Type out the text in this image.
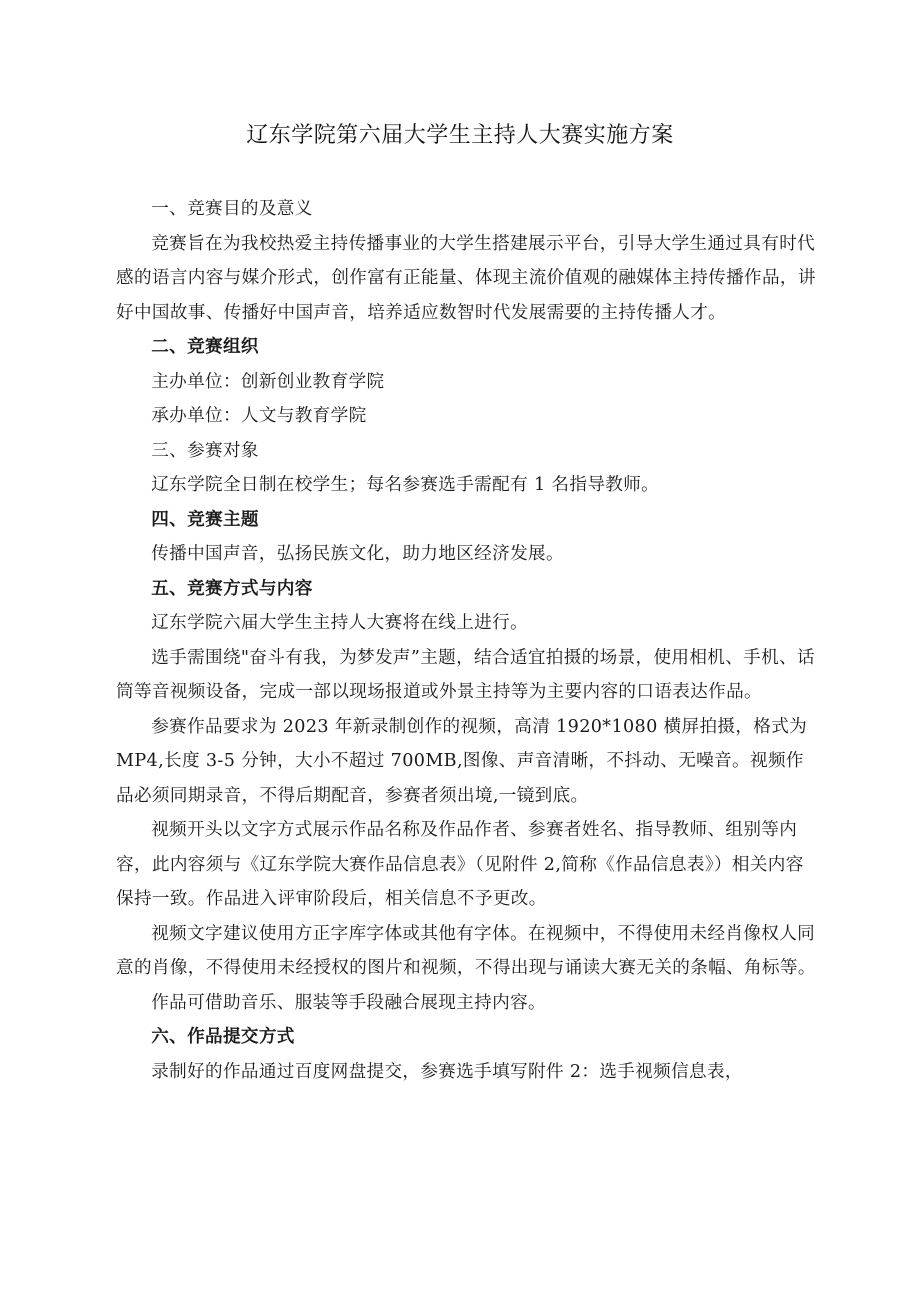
辽东学院第六届大学生主持人大赛实施方案

一、竞赛目的及意义

竞赛旨在为我校热爱主持传播事业的大学生搭建展示平台，引导大学生通过具有时代感的语言内容与媒介形式，创作富有正能量、体现主流价值观的融媒体主持传播作品，讲好中国故事、传播好中国声音，培养适应数智时代发展需要的主持传播人才。

二、竞赛组织

主办单位：创新创业教育学院

承办单位：人文与教育学院

三、参赛对象

辽东学院全日制在校学生；每名参赛选手需配有 1 名指导教师。

四、竞赛主题

传播中国声音，弘扬民族文化，助力地区经济发展。

五、竞赛方式与内容

辽东学院六届大学生主持人大赛将在线上进行。

选手需围绕"奋斗有我，为梦发声”主题，结合适宜拍摄的场景，使用相机、手机、话筒等音视频设备，完成一部以现场报道或外景主持等为主要内容的口语表达作品。

参赛作品要求为 2023 年新录制创作的视频，高清 1920*1080 横屏拍摄，格式为 MP4,长度 3-5 分钟，大小不超过 700MB,图像、声音清晰，不抖动、无噪音。视频作品必须同期录音，不得后期配音，参赛者须出境,一镜到底。

视频开头以文字方式展示作品名称及作品作者、参赛者姓名、指导教师、组别等内容，此内容须与《辽东学院大赛作品信息表》（见附件 2,简称《作品信息表》）相关内容保持一致。作品进入评审阶段后，相关信息不予更改。

视频文字建议使用方正字库字体或其他有字体。在视频中，不得使用未经肖像权人同意的肖像，不得使用未经授权的图片和视频，不得出现与诵读大赛无关的条幅、角标等。

作品可借助音乐、服装等手段融合展现主持内容。

六、作品提交方式

录制好的作品通过百度网盘提交，参赛选手填写附件 2：选手视频信息表，
